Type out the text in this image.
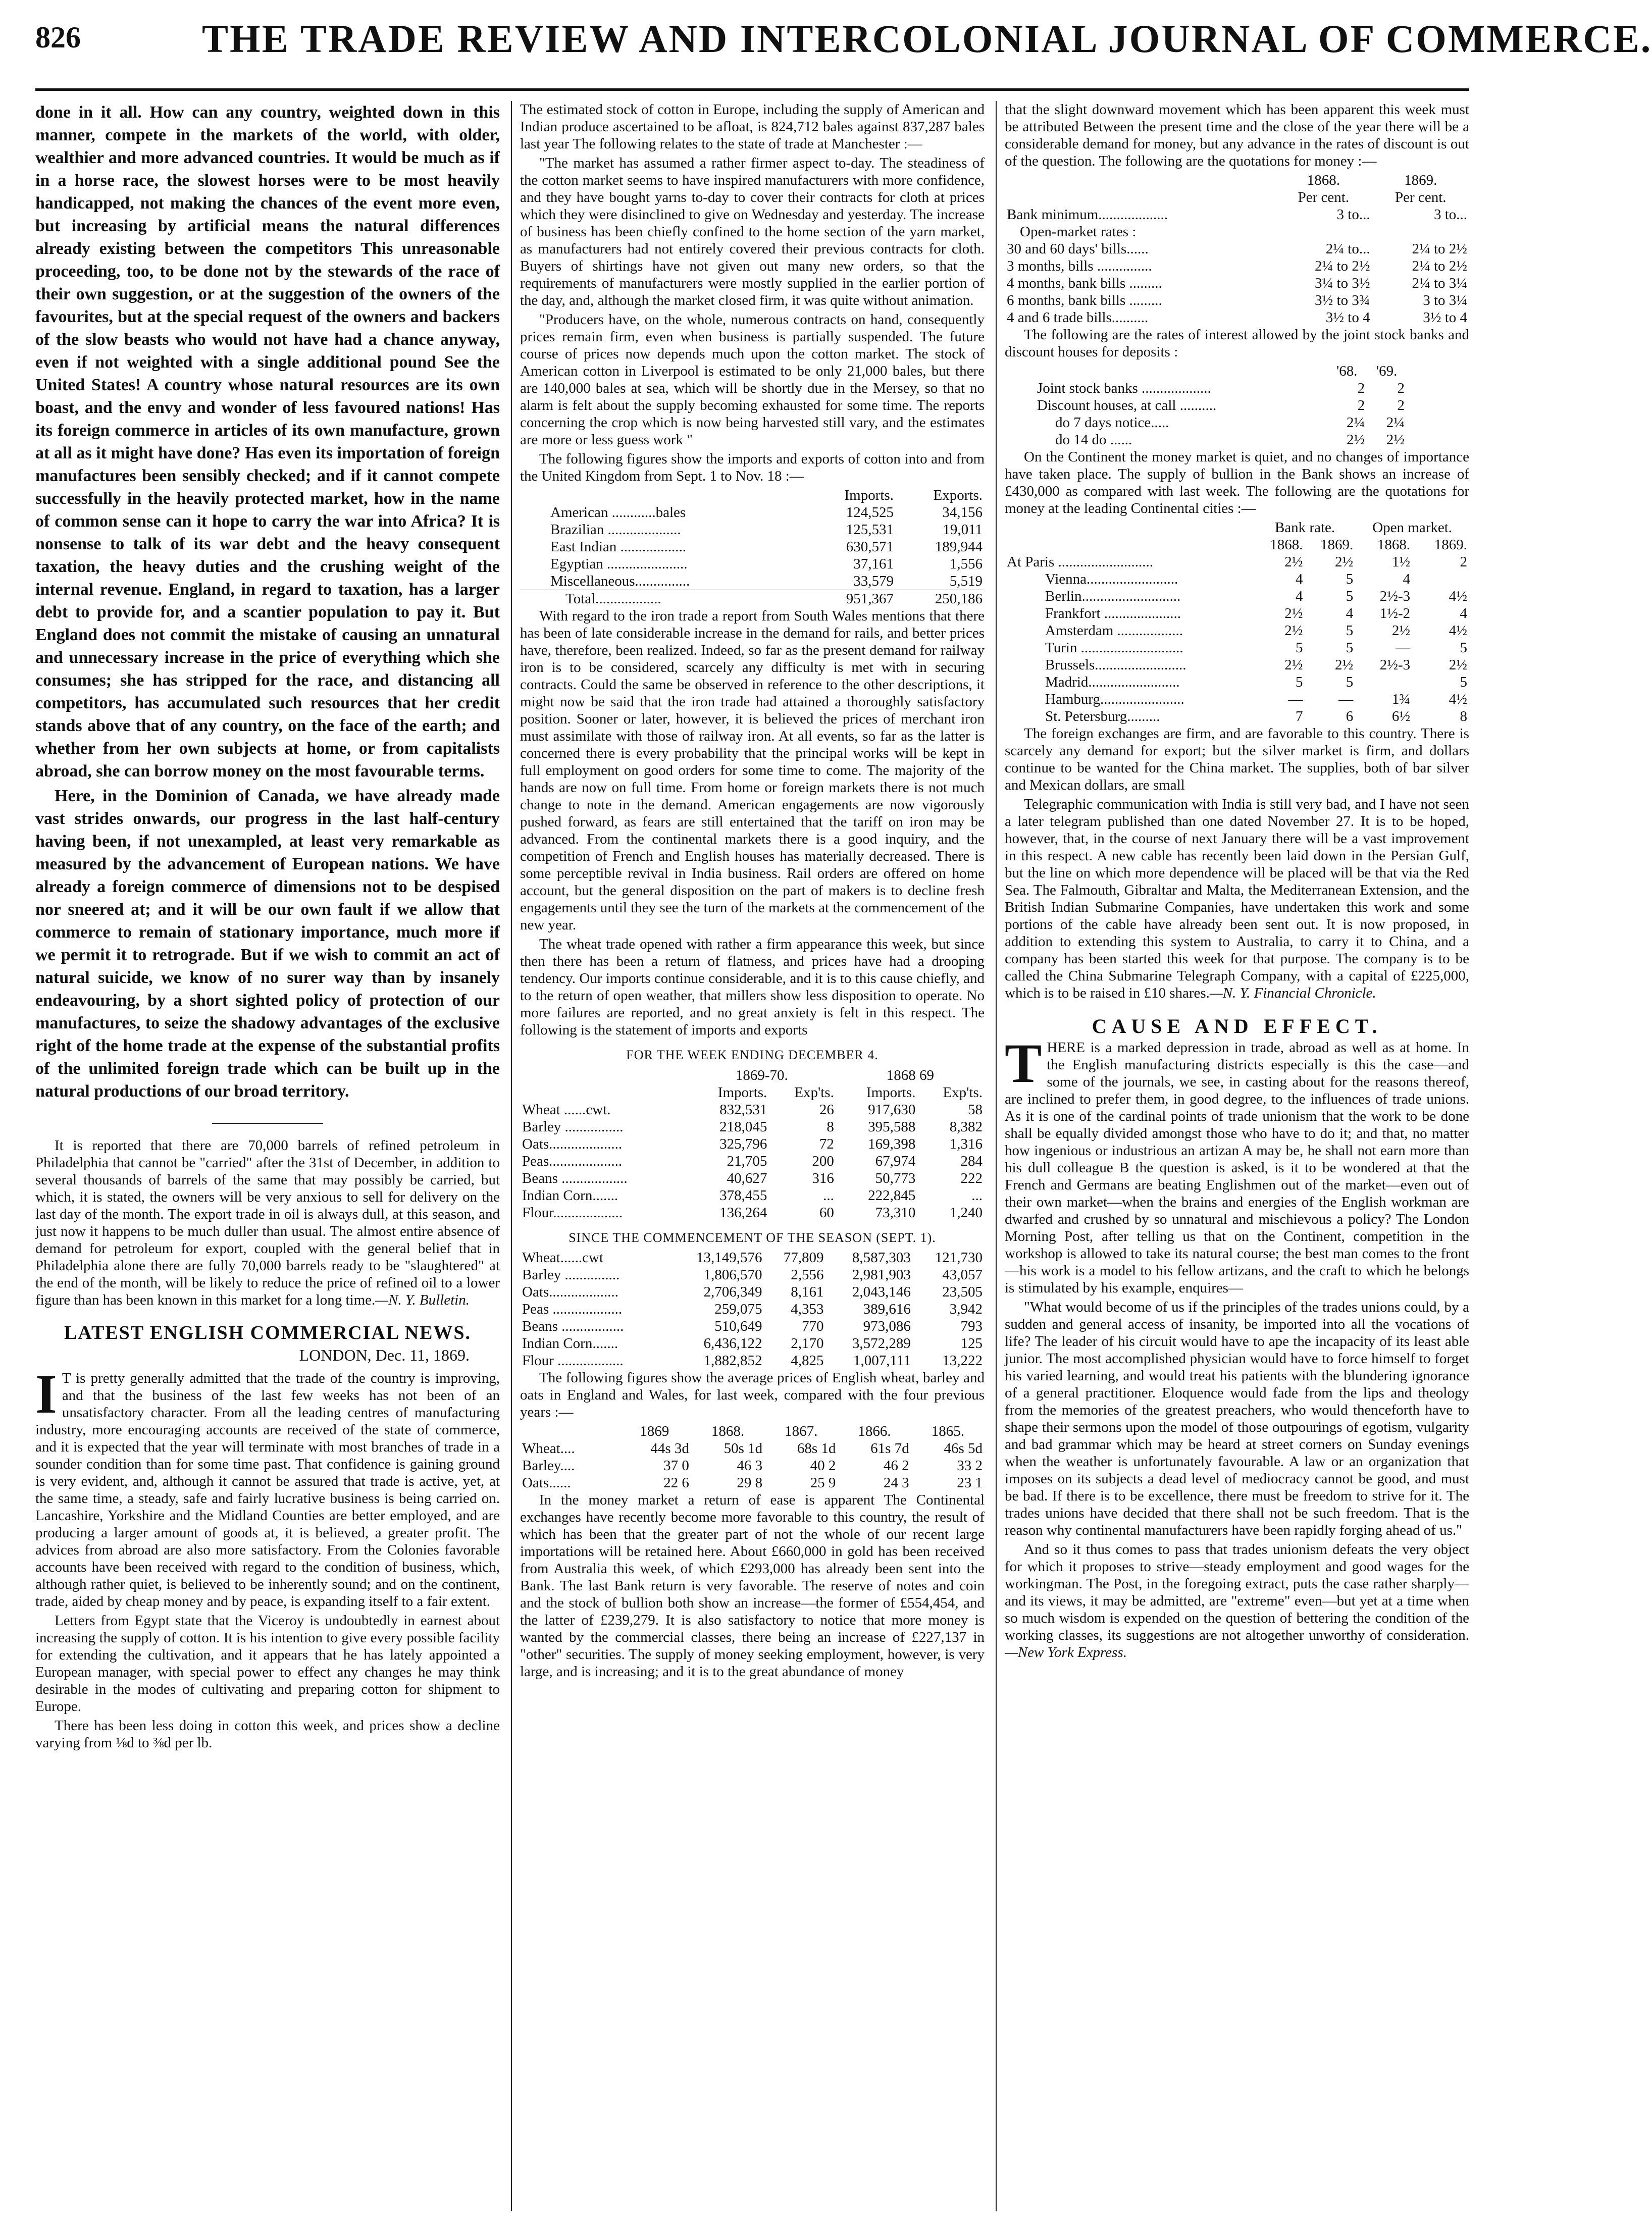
826	THE TRADE REVIEW AND INTERCOLONIAL JOURNAL OF COMMERCE.

done in it all. How can any country, weighted down in this manner, compete in the markets of the world, with older, wealthier and more advanced countries. It would be much as if in a horse race, the slowest horses were to be most heavily handicapped, not making the chances of the event more even, but increasing by artificial means the natural differences already existing between the competitors This unreasonable proceeding, too, to be done not by the stewards of the race of their own suggestion, or at the suggestion of the owners of the favourites, but at the special request of the owners and backers of the slow beasts who would not have had a chance anyway, even if not weighted with a single additional pound See the United States! A country whose natural resources are its own boast, and the envy and wonder of less favoured nations! Has its foreign commerce in articles of its own manufacture, grown at all as it might have done? Has even its importation of foreign manufactures been sensibly checked; and if it cannot compete successfully in the heavily protected market, how in the name of common sense can it hope to carry the war into Africa? It is nonsense to talk of its war debt and the heavy consequent taxation, the heavy duties and the crushing weight of the internal revenue. England, in regard to taxation, has a larger debt to provide for, and a scantier population to pay it. But England does not commit the mistake of causing an unnatural and unnecessary increase in the price of everything which she consumes; she has stripped for the race, and distancing all competitors, has accumulated such resources that her credit stands above that of any country, on the face of the earth; and whether from her own subjects at home, or from capitalists abroad, she can borrow money on the most favourable terms.

Here, in the Dominion of Canada, we have already made vast strides onwards, our progress in the last half-century having been, if not unexampled, at least very remarkable as measured by the advancement of European nations. We have already a foreign commerce of dimensions not to be despised nor sneered at; and it will be our own fault if we allow that commerce to remain of stationary importance, much more if we permit it to retrograde. But if we wish to commit an act of natural suicide, we know of no surer way than by insanely endeavouring, by a short sighted policy of protection of our manufactures, to seize the shadowy advantages of the exclusive right of the home trade at the expense of the substantial profits of the unlimited foreign trade which can be built up in the natural productions of our broad territory.

It is reported that there are 70,000 barrels of refined petroleum in Philadelphia that cannot be "carried" after the 31st of December, in addition to several thousands of barrels of the same that may possibly be carried, but which, it is stated, the owners will be very anxious to sell for delivery on the last day of the month. The export trade in oil is always dull, at this season, and just now it happens to be much duller than usual. The almost entire absence of demand for petroleum for export, coupled with the general belief that in Philadelphia alone there are fully 70,000 barrels ready to be "slaughtered" at the end of the month, will be likely to reduce the price of refined oil to a lower figure than has been known in this market for a long time.—N. Y. Bulletin.

LATEST ENGLISH COMMERCIAL NEWS.
LONDON, Dec. 11, 1869.

I T is pretty generally admitted that the trade of the country is improving, and that the business of the last few weeks has not been of an unsatisfactory character. From all the leading centres of manufacturing industry, more encouraging accounts are received of the state of commerce, and it is expected that the year will terminate with most branches of trade in a sounder condition than for some time past. That confidence is gaining ground is very evident, and, although it cannot be assured that trade is active, yet, at the same time, a steady, safe and fairly lucrative business is being carried on. Lancashire, Yorkshire and the Midland Counties are better employed, and are producing a larger amount of goods at, it is believed, a greater profit. The advices from abroad are also more satisfactory. From the Colonies favorable accounts have been received with regard to the condition of business, which, although rather quiet, is believed to be inherently sound; and on the continent, trade, aided by cheap money and by peace, is expanding itself to a fair extent.

Letters from Egypt state that the Viceroy is undoubtedly in earnest about increasing the supply of cotton. It is his intention to give every possible facility for extending the cultivation, and it appears that he has lately appointed a European manager, with special power to effect any changes he may think desirable in the modes of cultivating and preparing cotton for shipment to Europe.

There has been less doing in cotton this week, and prices show a decline varying from ⅛d to ⅜d per lb.

The estimated stock of cotton in Europe, including the supply of American and Indian produce ascertained to be afloat, is 824,712 bales against 837,287 bales last year The following relates to the state of trade at Manchester :—

"The market has assumed a rather firmer aspect to-day. The steadiness of the cotton market seems to have inspired manufacturers with more confidence, and they have bought yarns to-day to cover their contracts for cloth at prices which they were disinclined to give on Wednesday and yesterday. The increase of business has been chiefly confined to the home section of the yarn market, as manufacturers had not entirely covered their previous contracts for cloth. Buyers of shirtings have not given out many new orders, so that the requirements of manufacturers were mostly supplied in the earlier portion of the day, and, although the market closed firm, it was quite without animation.

"Producers have, on the whole, numerous contracts on hand, consequently prices remain firm, even when business is partially suspended. The future course of prices now depends much upon the cotton market. The stock of American cotton in Liverpool is estimated to be only 21,000 bales, but there are 140,000 bales at sea, which will be shortly due in the Mersey, so that no alarm is felt about the supply becoming exhausted for some time. The reports concerning the crop which is now being harvested still vary, and the estimates are more or less guess work "

The following figures show the imports and exports of cotton into and from the United Kingdom from Sept. 1 to Nov. 18 :—

	Imports.	Exports.
American ............bales	124,525	34,156
Brazilian ....................	125,531	19,011
East Indian ..................	630,571	189,944
Egyptian ......................	37,161	1,556
Miscellaneous...............	33,579	5,519
Total..................	951,367	250,186

With regard to the iron trade a report from South Wales mentions that there has been of late considerable increase in the demand for rails, and better prices have, therefore, been realized. Indeed, so far as the present demand for railway iron is to be considered, scarcely any difficulty is met with in securing contracts. Could the same be observed in reference to the other descriptions, it might now be said that the iron trade had attained a thoroughly satisfactory position. Sooner or later, however, it is believed the prices of merchant iron must assimilate with those of railway iron. At all events, so far as the latter is concerned there is every probability that the principal works will be kept in full employment on good orders for some time to come. The majority of the hands are now on full time. From home or foreign markets there is not much change to note in the demand. American engagements are now vigorously pushed forward, as fears are still entertained that the tariff on iron may be advanced. From the continental markets there is a good inquiry, and the competition of French and English houses has materially decreased. There is some perceptible revival in India business. Rail orders are offered on home account, but the general disposition on the part of makers is to decline fresh engagements until they see the turn of the markets at the commencement of the new year.

The wheat trade opened with rather a firm appearance this week, but since then there has been a return of flatness, and prices have had a drooping tendency. Our imports continue considerable, and it is to this cause chiefly, and to the return of open weather, that millers show less disposition to operate. No more failures are reported, and no great anxiety is felt in this respect. The following is the statement of imports and exports

FOR THE WEEK ENDING DECEMBER 4.
	1869-70.		1868 69	
	Imports.	Exp'ts.	Imports.	Exp'ts.
Wheat ......cwt.	832,531	26	917,630	58
Barley ................	218,045	8	395,588	8,382
Oats....................	325,796	72	169,398	1,316
Peas....................	21,705	200	67,974	284
Beans ..................	40,627	316	50,773	222
Indian Corn.......	378,455	...	222,845	...
Flour...................	136,264	60	73,310	1,240
SINCE THE COMMENCEMENT OF THE SEASON (SEPT. 1).
Wheat......cwt	13,149,576	77,809	8,587,303	121,730
Barley ...............	1,806,570	2,556	2,981,903	43,057
Oats...................	2,706,349	8,161	2,043,146	23,505
Peas ...................	259,075	4,353	389,616	3,942
Beans .................	510,649	770	973,086	793
Indian Corn.......	6,436,122	2,170	3,572,289	125
Flour ..................	1,882,852	4,825	1,007,111	13,222

The following figures show the average prices of English wheat, barley and oats in England and Wales, for last week, compared with the four previous years :—

	1869	1868.	1867.	1866.	1865.
Wheat....	44s 3d	50s 1d	68s 1d	61s 7d	46s 5d
Barley....	37 0	46 3	40 2	46 2	33 2
Oats......	22 6	29 8	25 9	24 3	23 1

In the money market a return of ease is apparent The Continental exchanges have recently become more favorable to this country, the result of which has been that the greater part of not the whole of our recent large importations will be retained here. About £660,000 in gold has been received from Australia this week, of which £293,000 has already been sent into the Bank. The last Bank return is very favorable. The reserve of notes and coin and the stock of bullion both show an increase—the former of £554,454, and the latter of £239,279. It is also satisfactory to notice that more money is wanted by the commercial classes, there being an increase of £227,137 in "other" securities. The supply of money seeking employment, however, is very large, and is increasing; and it is to the great abundance of money

that the slight downward movement which has been apparent this week must be attributed Between the present time and the close of the year there will be a considerable demand for money, but any advance in the rates of discount is out of the question. The following are the quotations for money :—

	1868.	1869.
	Per cent.	Per cent.
Bank minimum...................	3 to...	3 to...
Open-market rates :		
30 and 60 days' bills......	2¼ to...	2¼ to 2½
3 months, bills ...............	2¼ to 2½	2¼ to 2½
4 months, bank bills .........	3¼ to 3½	2¼ to 3¼
6 months, bank bills .........	3½ to 3¾	3 to 3¼
4 and 6 trade bills..........	3½ to 4	3½ to 4

The following are the rates of interest allowed by the joint stock banks and discount houses for deposits :

	'68.	'69.
Joint stock banks ...................	2	2
Discount houses, at call ..........	2	2
do 7 days notice.....	2¼	2¼
do 14 do ......	2½	2½

On the Continent the money market is quiet, and no changes of importance have taken place. The supply of bullion in the Bank shows an increase of £430,000 as compared with last week. The following are the quotations for money at the leading Continental cities :—

	Bank rate.		Open market.	
	1868.	1869.	1868.	1869.
At Paris ..........................	2½	2½	1½	2
Vienna.........................	4	5	4	
Berlin...........................	4	5	2½-3	4½
Frankfort .....................	2½	4	1½-2	4
Amsterdam ..................	2½	5	2½	4½
Turin ............................	5	5	—	5
Brussels.........................	2½	2½	2½-3	2½
Madrid.........................	5	5		5
Hamburg.......................	—	—	1¾	4½
St. Petersburg.........	7	6	6½	8

The foreign exchanges are firm, and are favorable to this country. There is scarcely any demand for export; but the silver market is firm, and dollars continue to be wanted for the China market. The supplies, both of bar silver and Mexican dollars, are small

Telegraphic communication with India is still very bad, and I have not seen a later telegram published than one dated November 27. It is to be hoped, however, that, in the course of next January there will be a vast improvement in this respect. A new cable has recently been laid down in the Persian Gulf, but the line on which more dependence will be placed will be that via the Red Sea. The Falmouth, Gibraltar and Malta, the Mediterranean Extension, and the British Indian Submarine Companies, have undertaken this work and some portions of the cable have already been sent out. It is now proposed, in addition to extending this system to Australia, to carry it to China, and a company has been started this week for that purpose. The company is to be called the China Submarine Telegraph Company, with a capital of £225,000, which is to be raised in £10 shares.—N. Y. Financial Chronicle.

CAUSE AND EFFECT.

THERE is a marked depression in trade, abroad as well as at home. In the English manufacturing districts especially is this the case—and some of the journals, we see, in casting about for the reasons thereof, are inclined to prefer them, in good degree, to the influences of trade unions. As it is one of the cardinal points of trade unionism that the work to be done shall be equally divided amongst those who have to do it; and that, no matter how ingenious or industrious an artizan A may be, he shall not earn more than his dull colleague B the question is asked, is it to be wondered at that the French and Germans are beating Englishmen out of the market—even out of their own market—when the brains and energies of the English workman are dwarfed and crushed by so unnatural and mischievous a policy? The London Morning Post, after telling us that on the Continent, competition in the workshop is allowed to take its natural course; the best man comes to the front—his work is a model to his fellow artizans, and the craft to which he belongs is stimulated by his example, enquires—

"What would become of us if the principles of the trades unions could, by a sudden and general access of insanity, be imported into all the vocations of life? The leader of his circuit would have to ape the incapacity of its least able junior. The most accomplished physician would have to force himself to forget his varied learning, and would treat his patients with the blundering ignorance of a general practitioner. Eloquence would fade from the lips and theology from the memories of the greatest preachers, who would thenceforth have to shape their sermons upon the model of those outpourings of egotism, vulgarity and bad grammar which may be heard at street corners on Sunday evenings when the weather is unfortunately favourable. A law or an organization that imposes on its subjects a dead level of mediocracy cannot be good, and must be bad. If there is to be excellence, there must be freedom to strive for it. The trades unions have decided that there shall not be such freedom. That is the reason why continental manufacturers have been rapidly forging ahead of us."

And so it thus comes to pass that trades unionism defeats the very object for which it proposes to strive—steady employment and good wages for the workingman. The Post, in the foregoing extract, puts the case rather sharply—and its views, it may be admitted, are "extreme" even—but yet at a time when so much wisdom is expended on the question of bettering the condition of the working classes, its suggestions are not altogether unworthy of consideration.—New York Express.
